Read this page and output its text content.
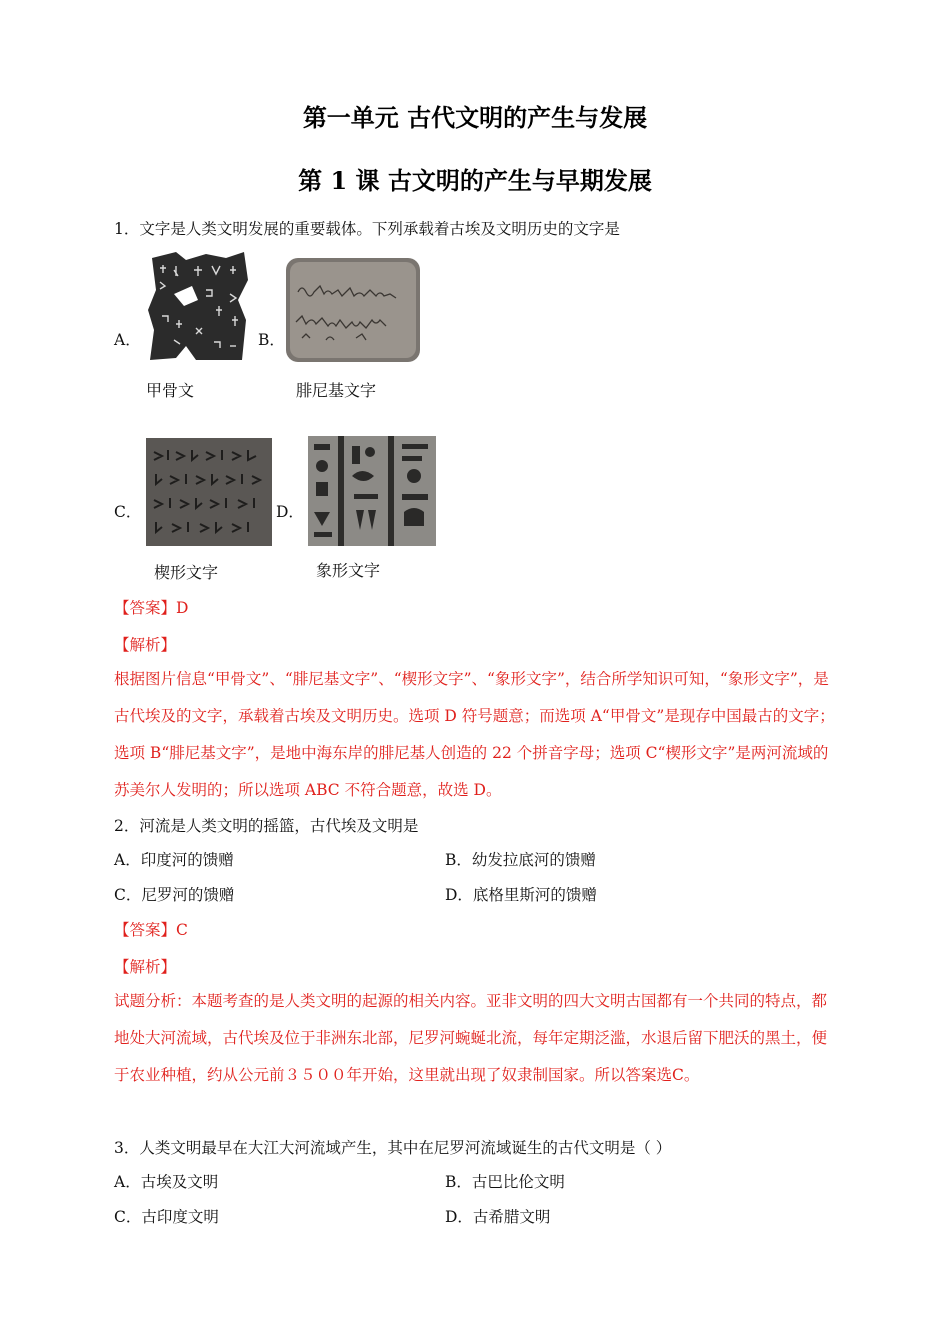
第一单元 古代文明的产生与发展
第 1 课 古文明的产生与早期发展
1．文字是人类文明发展的重要载体。下列承载着古埃及文明历史的文字是
A．
甲骨文
B．
腓尼基文字
C．
楔形文字
D．
象形文字
【答案】D
【解析】
根据图片信息“甲骨文”、“腓尼基文字”、“楔形文字”、“象形文字”，结合所学知识可知，“象形文字”，是古代埃及的文字，承载着古埃及文明历史。选项 D 符号题意；而选项 A“甲骨文”是现存中国最古的文字；选项 B“腓尼基文字”，是地中海东岸的腓尼基人创造的 22 个拼音字母；选项 C“楔形文字”是两河流域的苏美尔人发明的；所以选项 ABC 不符合题意，故选 D。
2．河流是人类文明的摇篮，古代埃及文明是
A．印度河的馈赠	B．幼发拉底河的馈赠
C．尼罗河的馈赠	D．底格里斯河的馈赠
【答案】C
【解析】
试题分析：本题考查的是人类文明的起源的相关内容。亚非文明的四大文明古国都有一个共同的特点，都地处大河流域，古代埃及位于非洲东北部，尼罗河蜿蜒北流，每年定期泛滥，水退后留下肥沃的黑土，便于农业种植，约从公元前３５００年开始，这里就出现了奴隶制国家。所以答案选C。
3．人类文明最早在大江大河流域产生，其中在尼罗河流域诞生的古代文明是（ ）
A．古埃及文明	B．古巴比伦文明
C．古印度文明	D．古希腊文明
